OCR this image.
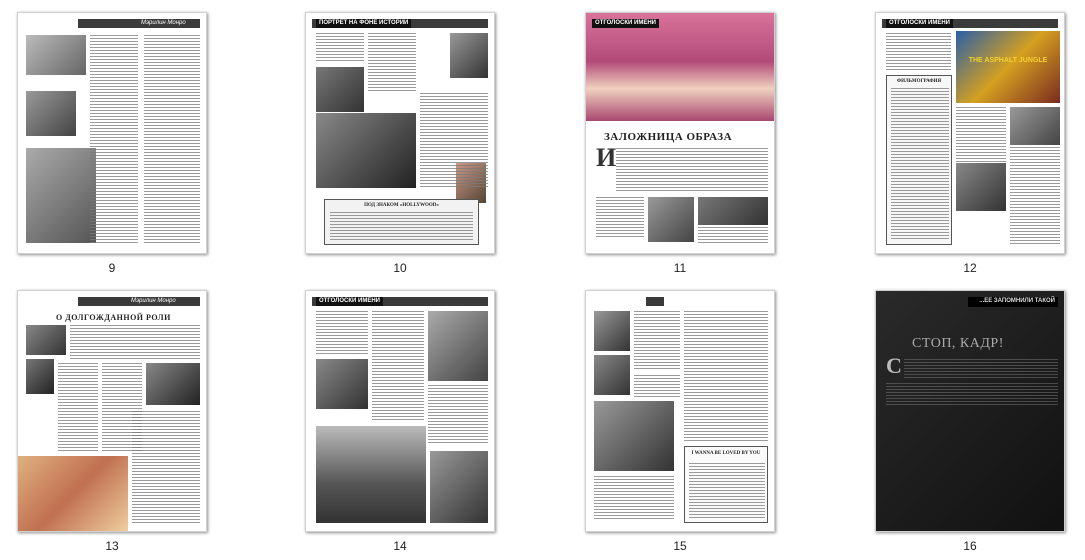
Мэрилин Монро
9
ПОРТРЕТ НА ФОНЕ ИСТОРИИ
ПОД ЗНАКОМ «HOLLYWOOD»
10
ОТГОЛОСКИ ИМЕНИ
ЗАЛОЖНИЦА ОБРАЗА
И
11
ОТГОЛОСКИ ИМЕНИ
THE ASPHALT JUNGLE
ФИЛЬМОГРАФИЯ
12
Мэрилин Монро
О ДОЛГОЖДАННОЙ РОЛИ
13
ОТГОЛОСКИ ИМЕНИ
14
Мэрилин Монро
I WANNA BE LOVED BY YOU
15
...ЕЕ ЗАПОМНИЛИ ТАКОЙ
СТОП, КАДР!
С
16
